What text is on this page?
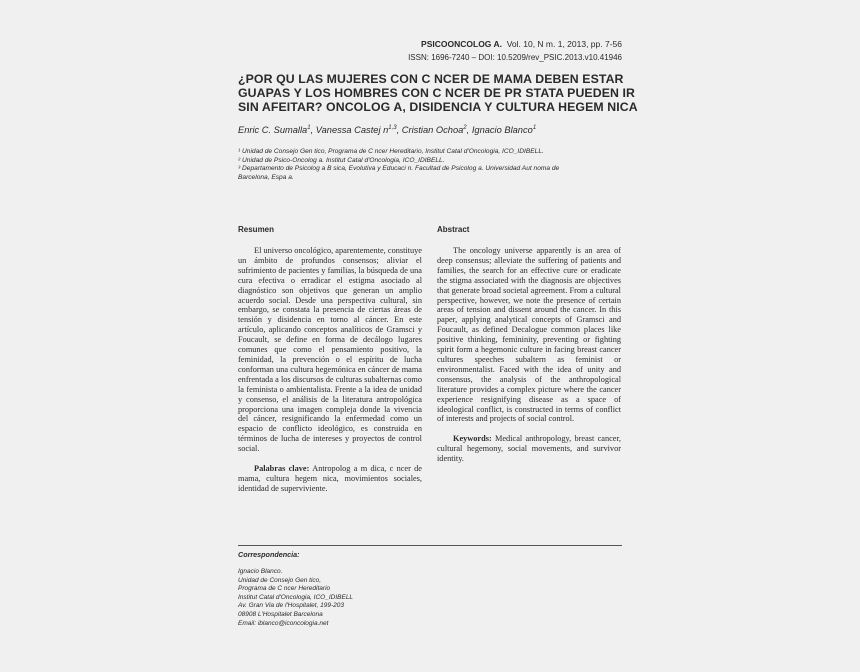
PSICOONCOLOG A. Vol. 10, N m. 1, 2013, pp. 7-56
ISSN: 1696-7240 – DOI: 10.5209/rev_PSIC.2013.v10.41946
¿POR QU LAS MUJERES CON C NCER DE MAMA DEBEN ESTAR
GUAPAS Y LOS HOMBRES CON C NCER DE PR STATA PUEDEN IR
SIN AFEITAR? ONCOLOG A, DISIDENCIA Y CULTURA HEGEM NICA
Enric C. Sumalla$^1$, Vanessa Castej $n^{1,3}$, Cristian Ochoa$^2$, Ignacio Blanco$^1$
¹ Unidad de Consejo Gen tico, Programa de C ncer Hereditario, Institut Catal d'Oncologia, ICO_IDIBELL.
² Unidad de Psico-Oncolog a. Institut Catal d'Oncologia, ICO_IDIBELL.
³ Departamento de Psicolog a B sica, Evolutiva y Educaci n. Facultad de Psicolog a. Universidad Aut noma de
Barcelona, Espa a.
Resumen	Abstract

El universo oncológico, aparentemente, constituye un ámbito de profundos consensos; aliviar el sufrimiento de pacientes y familias, la búsqueda de una cura efectiva o erradicar el estigma asociado al diagnóstico son objetivos que generan un amplio acuerdo social. Desde una perspectiva cultural, sin embargo, se constata la presencia de ciertas áreas de tensión y disidencia en torno al cáncer. En este artículo, aplicando conceptos analíticos de Gramsci y Foucault, se define en forma de decálogo lugares comunes que como el pensamiento positivo, la feminidad, la prevención o el espíritu de lucha conforman una cultura hegemónica en cáncer de mama enfrentada a los discursos de culturas subalternas como la feminista o ambientalista. Frente a la idea de unidad y consenso, el análisis de la literatura antropológica proporciona una imagen compleja donde la vivencia del cáncer, resignificando la enfermedad como un espacio de conflicto ideológico, es construida en términos de lucha de intereses y proyectos de control social.

Palabras clave: Antropolog a m dica, c ncer de mama, cultura hegem nica, movimientos sociales, identidad de superviviente.

The oncology universe apparently is an area of deep consensus; alleviate the suffering of patients and families, the search for an effective cure or eradicate the stigma associated with the diagnosis are objectives that generate broad societal agreement. From a cultural perspective, however, we note the presence of certain areas of tension and dissent around the cancer. In this paper, applying analytical concepts of Gramsci and Foucault, as defined Decalogue common places like positive thinking, femininity, preventing or fighting spirit form a hegemonic culture in facing breast cancer cultures speeches subaltern as feminist or environmentalist. Faced with the idea of unity and consensus, the analysis of the anthropological literature provides a complex picture where the cancer experience resignifying disease as a space of ideological conflict, is constructed in terms of conflict of interests and projects of social control.

Keywords: Medical anthropology, breast cancer, cultural hegemony, social movements, and survivor identity.

Correspondencia:
Ignacio Blanco.
Unidad de Consejo Gen tico,
Programa de C ncer Hereditario
Institut Catal d'Oncologia, ICO_IDIBELL
Av. Gran Via de l'Hospitalet, 199-203
08908 L'Hospitalet Barcelona
Email: iblanco@iconcologia.net
